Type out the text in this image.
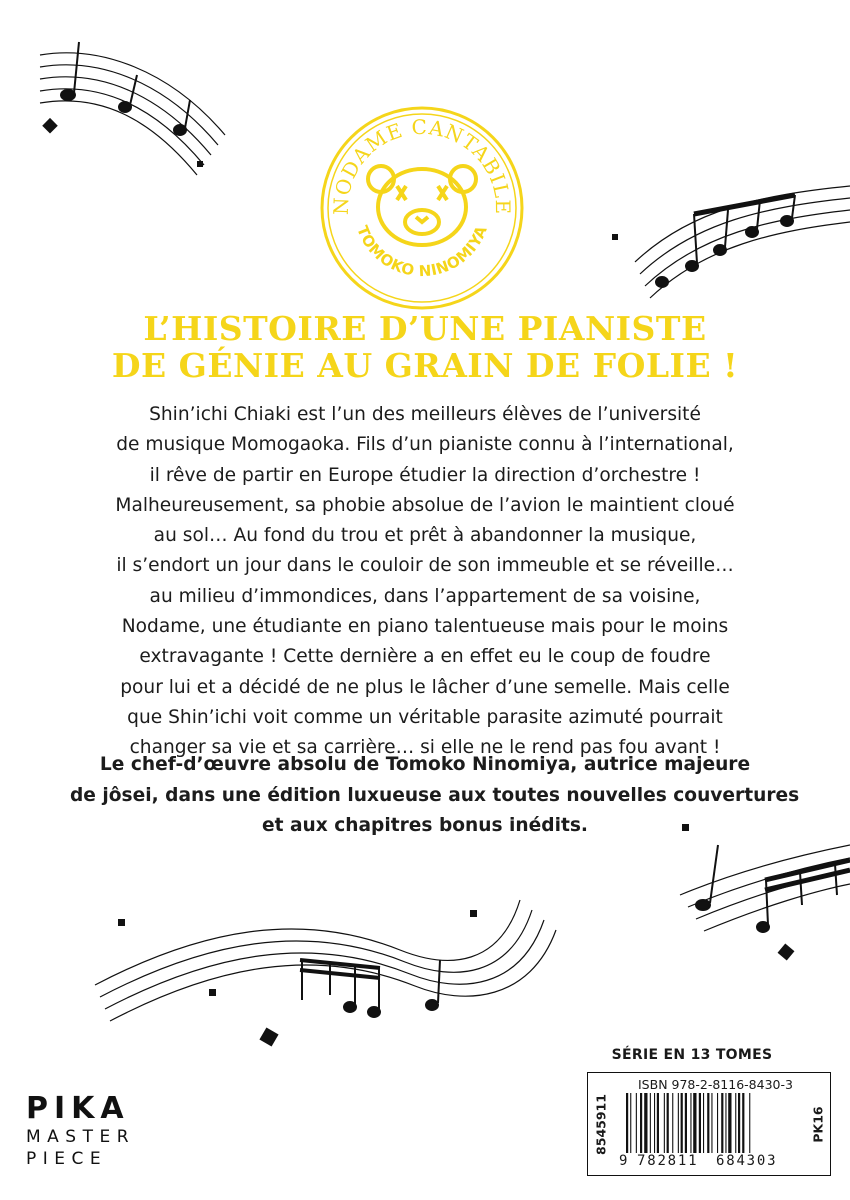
NODAME CANTABILE
TOMOKO NINOMIYA
L’HISTOIRE D’UNE PIANISTE
DE GÉNIE AU GRAIN DE FOLIE !
Shin’ichi Chiaki est l’un des meilleurs élèves de l’université
de musique Momogaoka. Fils d’un pianiste connu à l’international,
il rêve de partir en Europe étudier la direction d’orchestre !
Malheureusement, sa phobie absolue de l’avion le maintient cloué
au sol… Au fond du trou et prêt à abandonner la musique,
il s’endort un jour dans le couloir de son immeuble et se réveille…
au milieu d’immondices, dans l’appartement de sa voisine,
Nodame, une étudiante en piano talentueuse mais pour le moins
extravagante ! Cette dernière a en effet eu le coup de foudre
pour lui et a décidé de ne plus le lâcher d’une semelle. Mais celle
que Shin’ichi voit comme un véritable parasite azimuté pourrait
changer sa vie et sa carrière… si elle ne le rend pas fou avant !
Le chef-d’œuvre absolu de Tomoko Ninomiya, autrice majeure
de jôsei, dans une édition luxueuse aux toutes nouvelles couvertures
et aux chapitres bonus inédits.
PIKA
MASTER
PIECE
SÉRIE EN 13 TOMES
8545911	PK16
ISBN 978-2-8116-8430-3
9 782811 684303
